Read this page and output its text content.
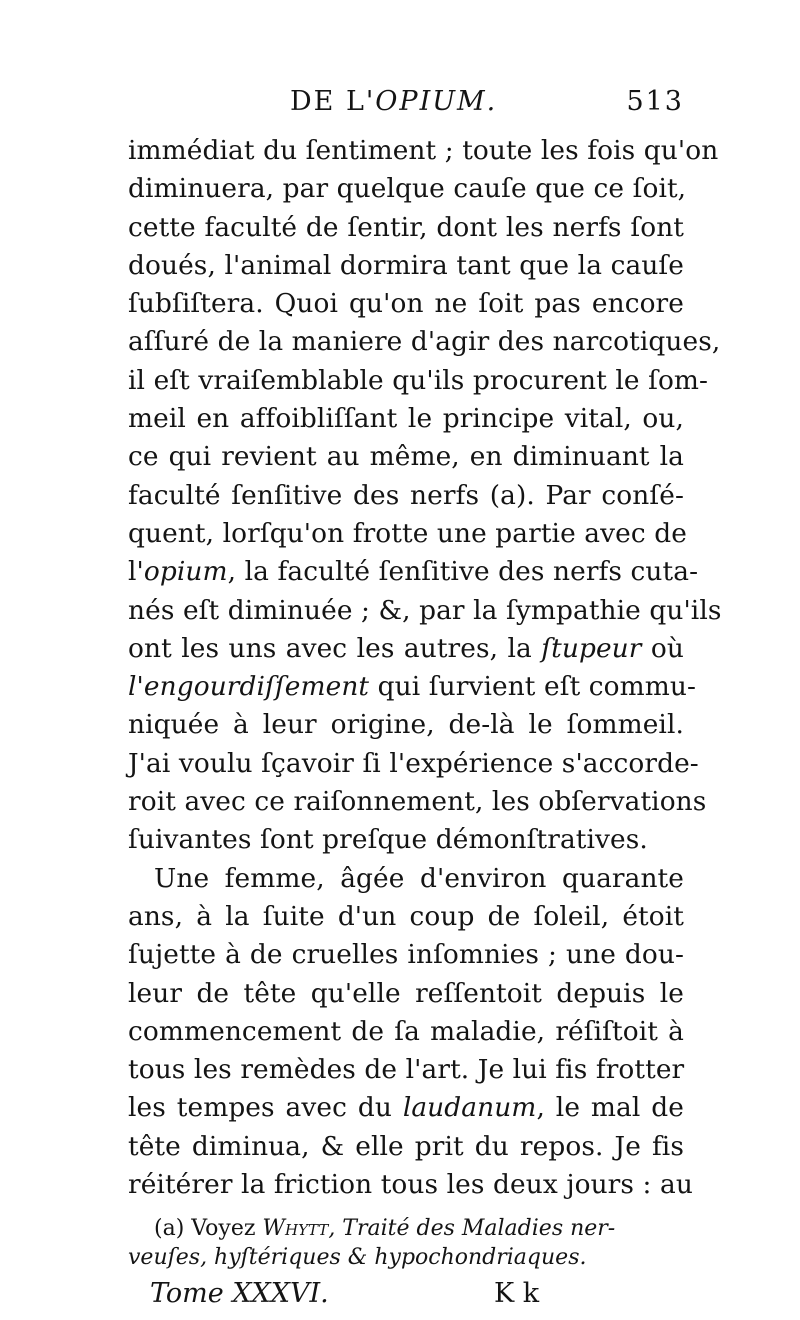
DE L'OPIUM.	513
immédiat du ſentiment ; toute les fois qu'on
diminuera, par quelque cauſe que ce ſoit,
cette faculté de ſentir, dont les nerfs ſont
doués, l'animal dormira tant que la cauſe
ſubſiſtera. Quoi qu'on ne ſoit pas encore
aſſuré de la maniere d'agir des narcotiques,
il eſt vraiſemblable qu'ils procurent le ſom-
meil en affoibliſſant le principe vital, ou,
ce qui revient au même, en diminuant la
faculté ſenſitive des nerfs (a). Par conſé-
quent, lorſqu'on frotte une partie avec de
l'opium, la faculté ſenſitive des nerfs cuta-
nés eſt diminuée ; &, par la ſympathie qu'ils
ont les uns avec les autres, la ſtupeur où
l'engourdiſſement qui ſurvient eſt commu-
niquée à leur origine, de-là le ſommeil.
J'ai voulu ſçavoir ſi l'expérience s'accorde-
roit avec ce raiſonnement, les obſervations
ſuivantes ſont preſque démonſtratives.
Une femme, âgée d'environ quarante
ans, à la ſuite d'un coup de ſoleil, étoit
ſujette à de cruelles inſomnies ; une dou-
leur de tête qu'elle reſſentoit depuis le
commencement de ſa maladie, réſiſtoit à
tous les remèdes de l'art. Je lui fis frotter
les tempes avec du laudanum, le mal de
tête diminua, & elle prit du repos. Je fis
réitérer la friction tous les deux jours : au
(a) Voyez Whytt, Traité des Maladies ner-
veuſes, hyſtériques & hypochondriaques.
Tome XXXVI.	K k
